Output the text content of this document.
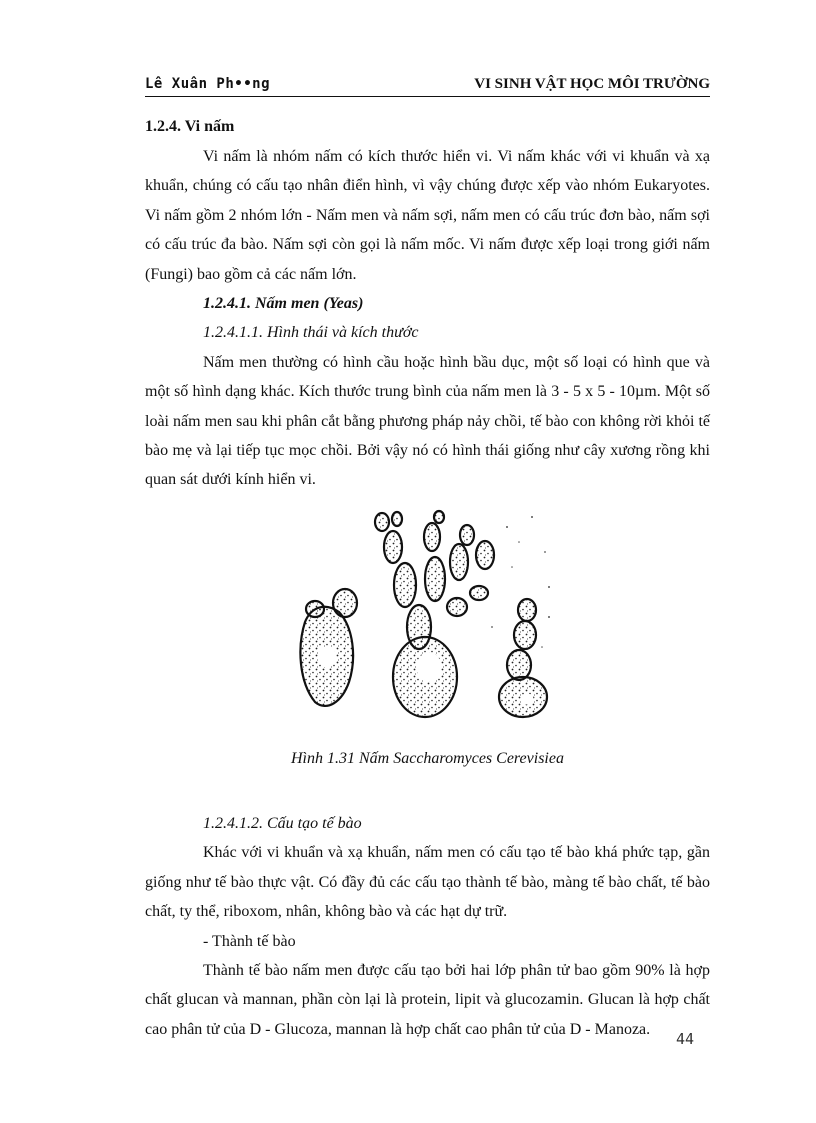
Lê Xuân Ph••ng	VI SINH VẬT HỌC MÔI TRƯỜNG

1.2.4. Vi nấm

Vi nấm là nhóm nấm có kích thước hiển vi. Vi nấm khác với vi khuẩn và xạ khuẩn, chúng có cấu tạo nhân điển hình, vì vậy chúng được xếp vào nhóm Eukaryotes. Vi nấm gồm 2 nhóm lớn - Nấm men và nấm sợi, nấm men có cấu trúc đơn bào, nấm sợi có cấu trúc đa bào. Nấm sợi còn gọi là nấm mốc. Vi nấm được xếp loại trong giới nấm (Fungi) bao gồm cả các nấm lớn.

1.2.4.1. Nấm men (Yeas)

1.2.4.1.1. Hình thái và kích thước

Nấm men thường có hình cầu hoặc hình bầu dục, một số loại có hình que và một số hình dạng khác. Kích thước trung bình của nấm men là 3 - 5 x 5 - 10µm. Một số loài nấm men sau khi phân cắt bằng phương pháp nảy chồi, tế bào con không rời khỏi tế bào mẹ và lại tiếp tục mọc chồi. Bởi vậy nó có hình thái giống như cây xương rồng khi quan sát dưới kính hiển vi.

Hình 1.31 Nấm Saccharomyces Cerevisiea

1.2.4.1.2. Cấu tạo tế bào

Khác với vi khuẩn và xạ khuẩn, nấm men có cấu tạo tế bào khá phức tạp, gần giống như tế bào thực vật. Có đầy đủ các cấu tạo thành tế bào, màng tế bào chất, tế bào chất, ty thể, riboxom, nhân, không bào và các hạt dự trữ.

- Thành tế bào

Thành tế bào nấm men được cấu tạo bởi hai lớp phân tử bao gồm 90% là hợp chất glucan và mannan, phần còn lại là protein, lipit và glucozamin. Glucan là hợp chất cao phân tử của D - Glucoza, mannan là hợp chất cao phân tử của D - Manoza.

44
